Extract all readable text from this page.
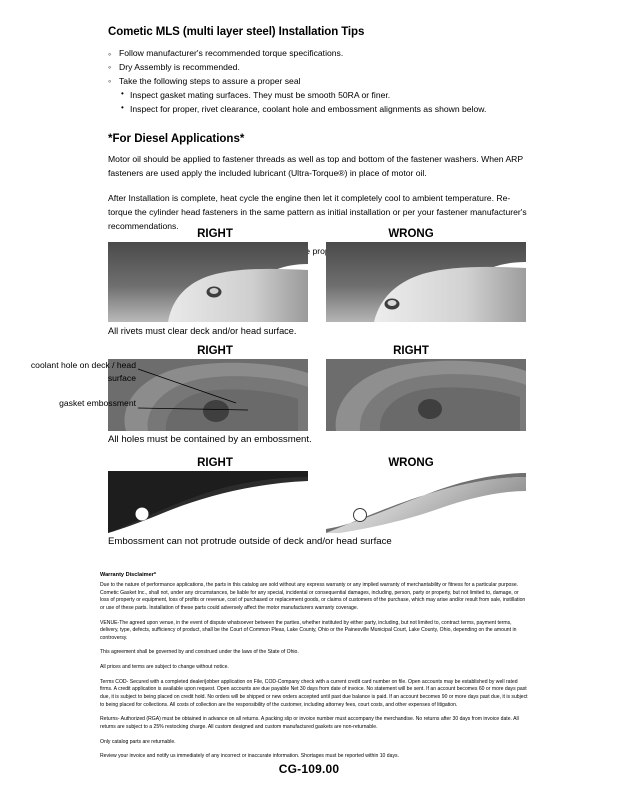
Cometic MLS (multi layer steel) Installation Tips
◦ Follow manufacturer's recommended torque specifications.
◦ Dry Assembly is recommended.
◦ Take the following steps to assure a proper seal
• Inspect gasket mating surfaces. They must be smooth 50RA or finer.
• Inspect for proper, rivet clearance, coolant hole and embossment alignments as shown below.
*For Diesel Applications*

Motor oil should be applied to fastener threads as well as top and bottom of the fastener washers. When ARP fasteners are used apply the included lubricant (Ultra-Torque®) in place of motor oil.

After Installation is complete, heat cycle the engine then let it completely cool to ambient temperature. Re-torque the cylinder head fasteners in the same pattern as initial installation or per your fastener manufacturer's recommendations.

proper

RIGHT	WRONG
All rivets must clear deck and/or head surface.
RIGHT	RIGHT
All holes must be contained by an embossment.
coolant hole on deck / head surface
gasket embossment
RIGHT	WRONG
Embossment can not protrude outside of deck and/or head surface
Warranty Disclaimer*

Due to the nature of performance applications, the parts in this catalog are sold without any express warranty or any implied warranty of merchantability or fitness for a particular purpose. Cometic Gasket Inc., shall not, under any circumstances, be liable for any special, incidental or consequential damages, including, person, party or property, but not limited to, damage, or loss of property or equipment, loss of profits or revenue, cost of purchased or replacement goods, or claims of customers of the purchase, which may arise and/or result from sale, instillation or use of these parts. Installation of these parts could adversely affect the motor manufacturers warranty coverage.

VENUE-The agreed upon venue, in the event of dispute whatsoever between the parties, whether instituted by either party, including, but not limited to, contract terms, payment terms, delivery, type, defects, sufficiency of product, shall be the Court of Common Pleas, Lake County, Ohio or the Painesville Municipal Court, Lake County, Ohio, depending on the amount in controversy.

This agreement shall be governed by and construed under the laws of the State of Ohio.

All prices and terms are subject to change without notice.

Terms COD- Secured with a completed dealer/jobber application on File, COD-Company check with a current credit card number on file. Open accounts may be established by well rated firms. A credit application is available upon request. Open accounts are due payable Net 30 days from date of invoice. No statement will be sent. If an account becomes 60 or more days past due, it is subject to being placed on credit hold. No orders will be shipped or new orders accepted until past due balance is paid. If an account becomes 90 or more days past due, it is subject to being placed for collections. All costs of collection are the responsibility of the customer, including attorney fees, court costs, and other expenses of litigation.

Returns- Authorized (RGA) must be obtained in advance on all returns. A packing slip or invoice number must accompany the merchandise. No returns after 30 days from invoice date. All returns are subject to a 25% restocking charge. All custom designed and custom manufactured gaskets are non-returnable.

Only catalog parts are returnable.

Review your invoice and notify us immediately of any incorrect or inaccurate information. Shortages must be reported within 10 days.

CG-109.00
